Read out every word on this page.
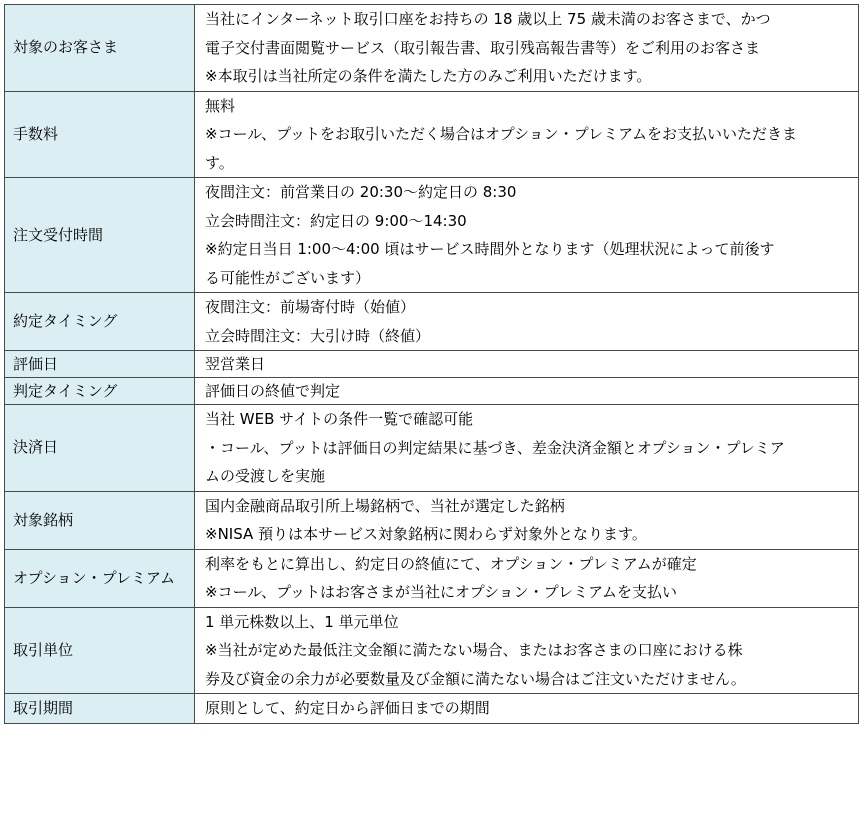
対象のお客さま	当社にインターネット取引口座をお持ちの 18 歳以上 75 歳未満のお客さまで、かつ
電子交付書面閲覧サービス（取引報告書、取引残高報告書等）をご利用のお客さま
※本取引は当社所定の条件を満たした方のみご利用いただけます。

手数料	無料
※コール、プットをお取引いただく場合はオプション・プレミアムをお支払いいただきま
す。

注文受付時間	夜間注文：前営業日の 20:30〜約定日の 8:30
立会時間注文：約定日の 9:00〜14:30
※約定日当日 1:00〜4:00 頃はサービス時間外となります（処理状況によって前後す
る可能性がございます）

約定タイミング	夜間注文：前場寄付時（始値）
立会時間注文：大引け時（終値）

評価日	翌営業日

判定タイミング	評価日の終値で判定

決済日	当社 WEB サイトの条件一覧で確認可能
・コール、プットは評価日の判定結果に基づき、差金決済金額とオプション・プレミア
ムの受渡しを実施

対象銘柄	国内金融商品取引所上場銘柄で、当社が選定した銘柄
※NISA 預りは本サービス対象銘柄に関わらず対象外となります。

オプション・プレミアム	利率をもとに算出し、約定日の終値にて、オプション・プレミアムが確定
※コール、プットはお客さまが当社にオプション・プレミアムを支払い

取引単位	1 単元株数以上、1 単元単位
※当社が定めた最低注文金額に満たない場合、またはお客さまの口座における株
券及び資金の余力が必要数量及び金額に満たない場合はご注文いただけません。

取引期間	原則として、約定日から評価日までの期間
